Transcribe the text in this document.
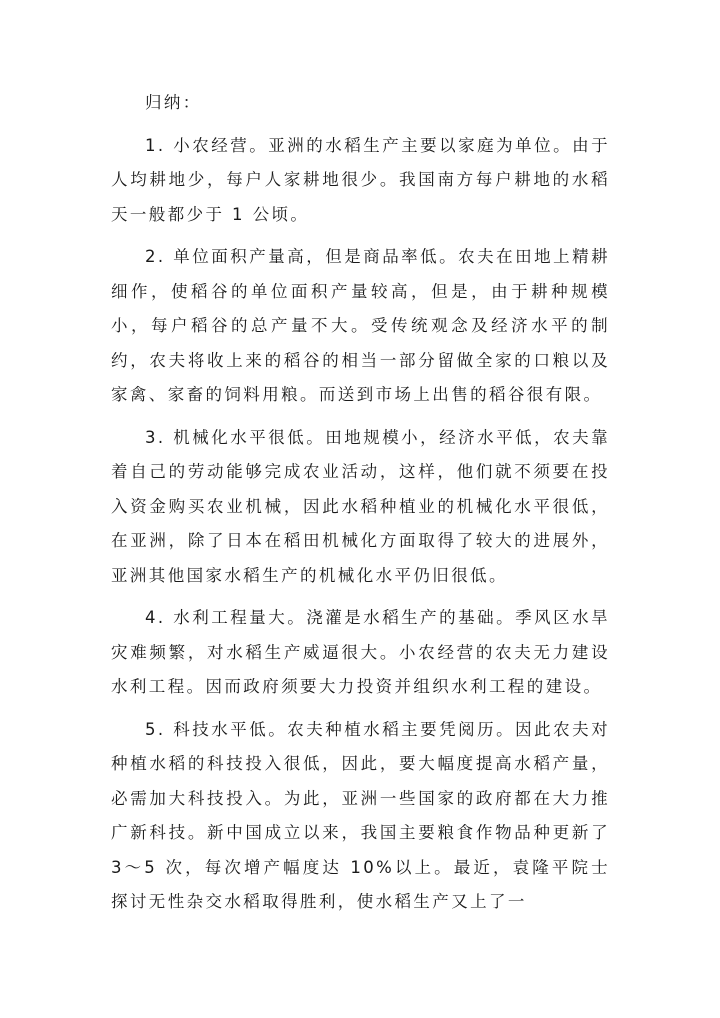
归纳：

1. 小农经营。亚洲的水稻生产主要以家庭为单位。由于人均耕地少，每户人家耕地很少。我国南方每户耕地的水稻天一般都少于 1 公顷。

2. 单位面积产量高，但是商品率低。农夫在田地上精耕细作，使稻谷的单位面积产量较高，但是，由于耕种规模小，每户稻谷的总产量不大。受传统观念及经济水平的制约，农夫将收上来的稻谷的相当一部分留做全家的口粮以及家禽、家畜的饲料用粮。而送到市场上出售的稻谷很有限。

3. 机械化水平很低。田地规模小，经济水平低，农夫靠着自己的劳动能够完成农业活动，这样，他们就不须要在投入资金购买农业机械，因此水稻种植业的机械化水平很低，在亚洲，除了日本在稻田机械化方面取得了较大的进展外，亚洲其他国家水稻生产的机械化水平仍旧很低。

4. 水利工程量大。浇灌是水稻生产的基础。季风区水旱灾难频繁，对水稻生产威逼很大。小农经营的农夫无力建设水利工程。因而政府须要大力投资并组织水利工程的建设。

5. 科技水平低。农夫种植水稻主要凭阅历。因此农夫对种植水稻的科技投入很低，因此，要大幅度提高水稻产量，必需加大科技投入。为此，亚洲一些国家的政府都在大力推广新科技。新中国成立以来，我国主要粮食作物品种更新了 3～5 次，每次增产幅度达 10%以上。最近，袁隆平院士探讨无性杂交水稻取得胜利，使水稻生产又上了一
